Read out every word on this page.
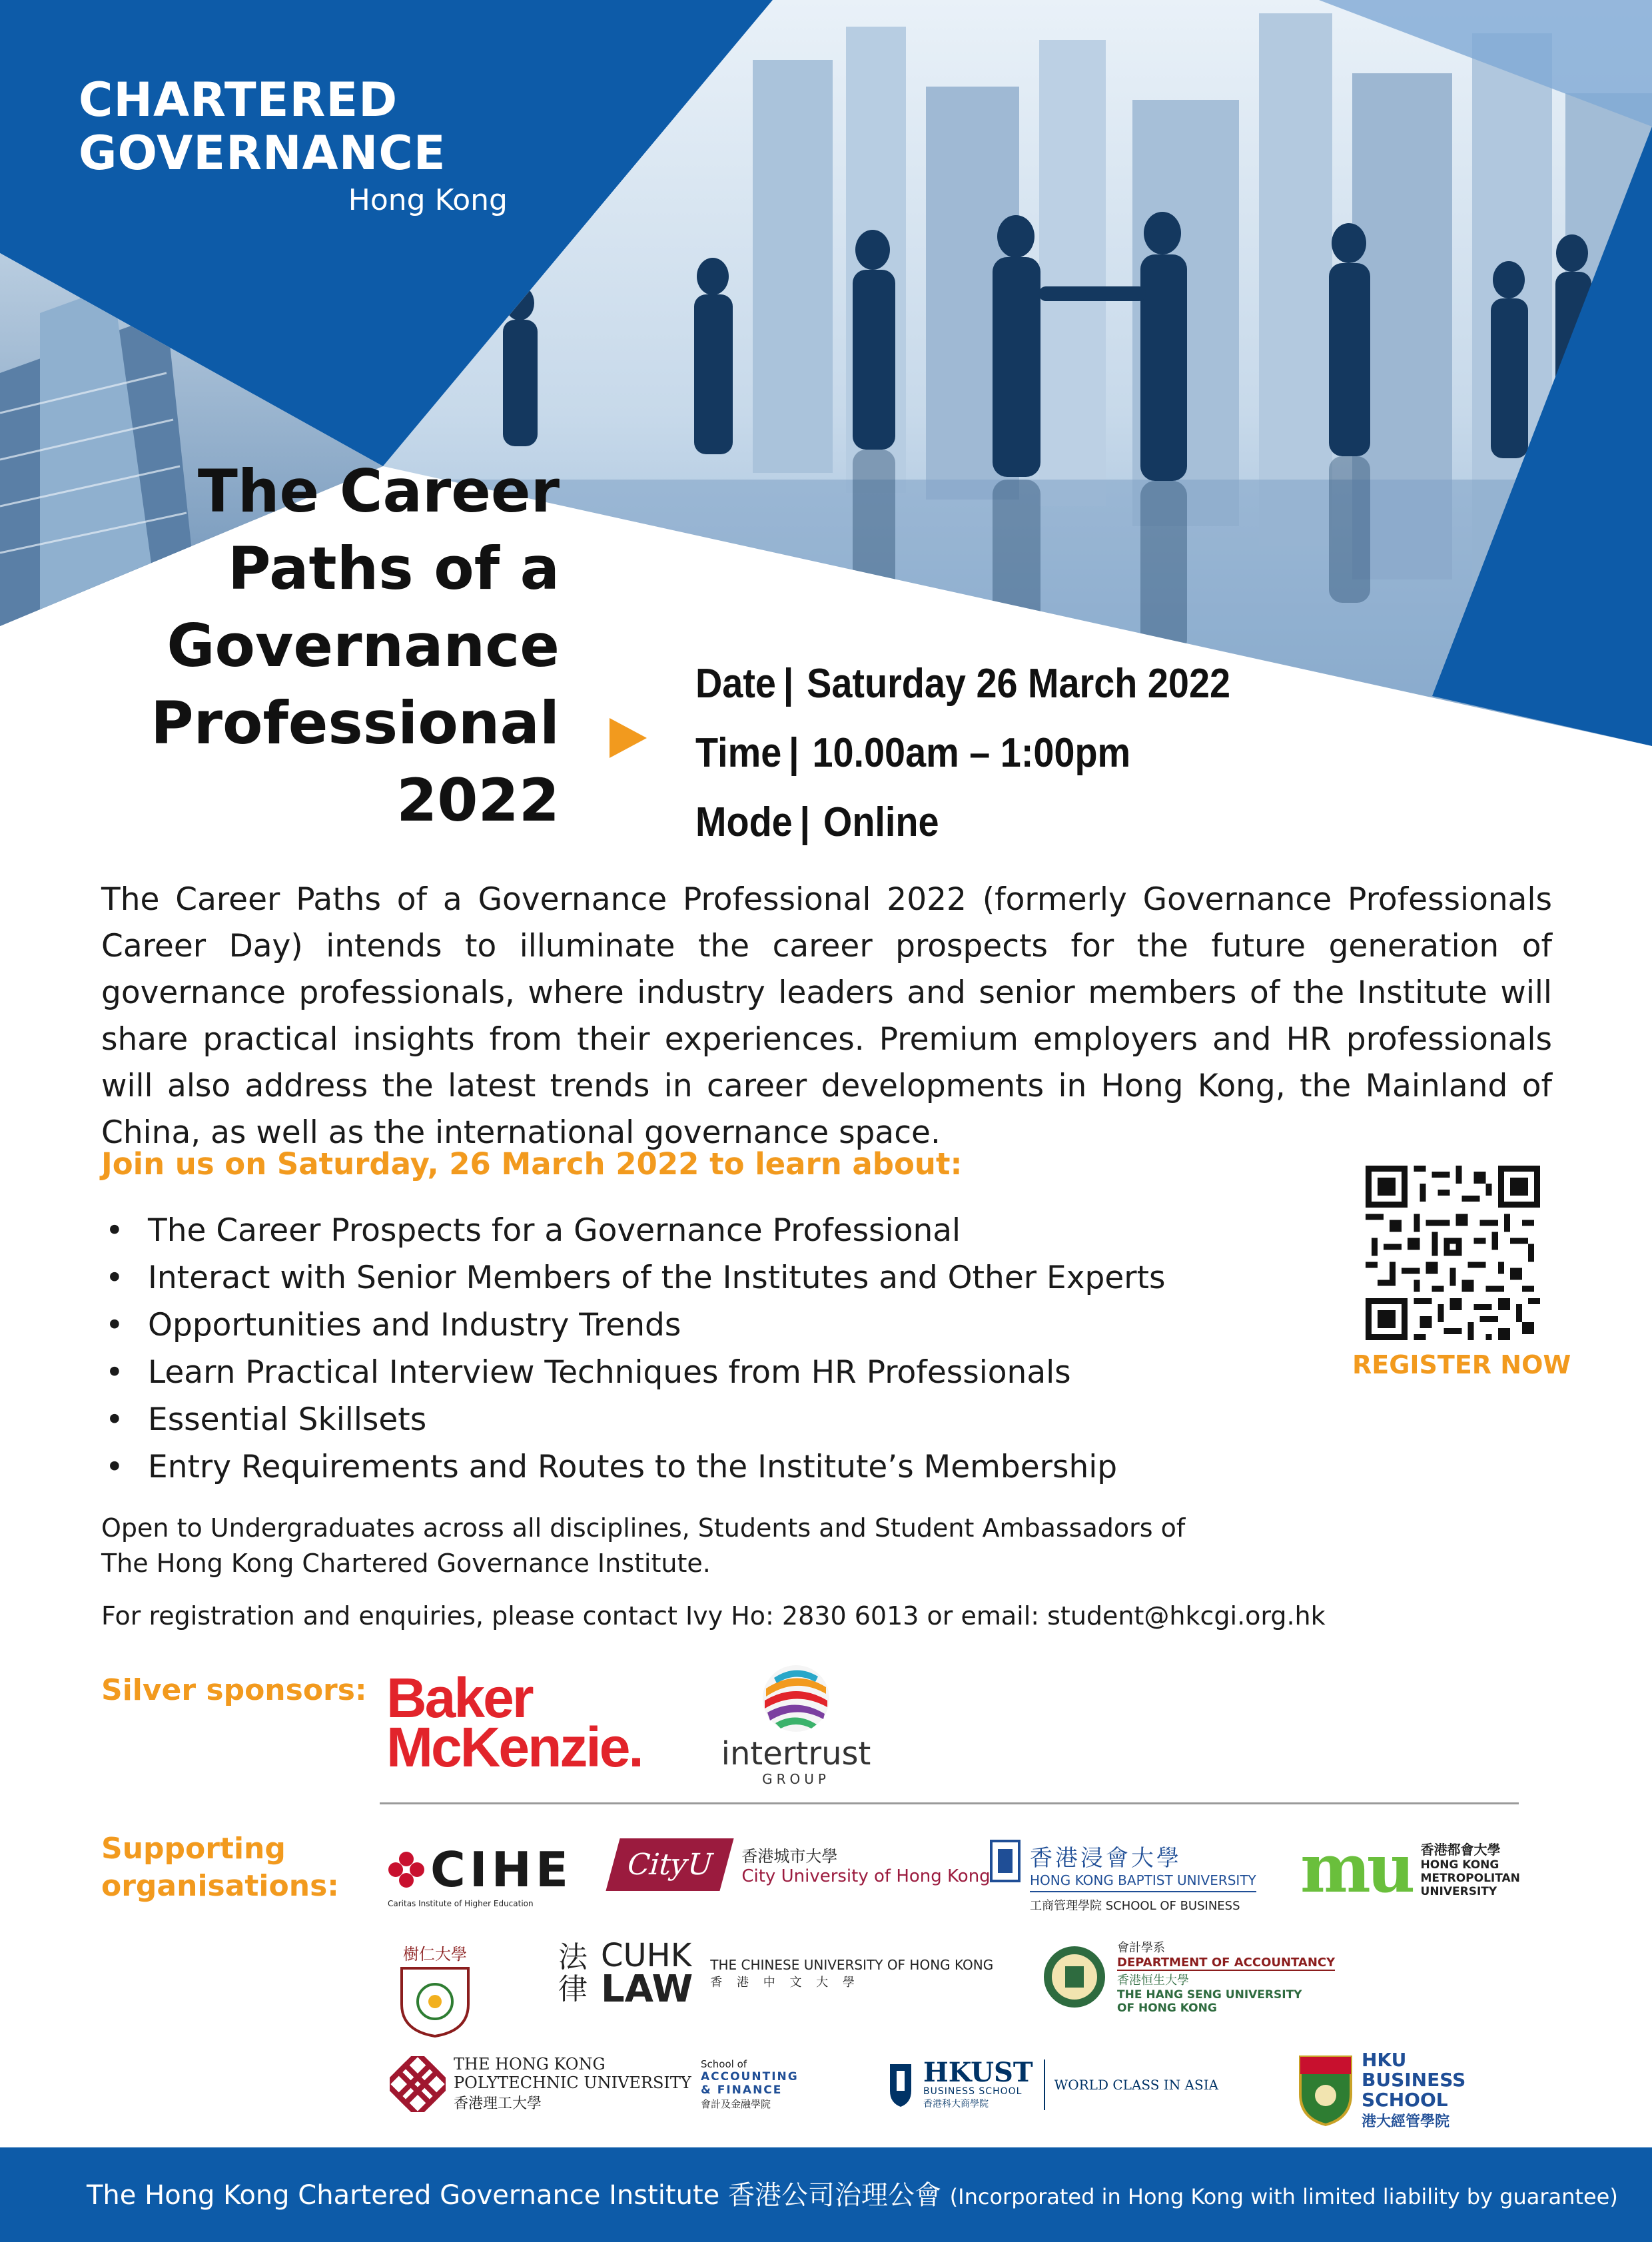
CHARTERED
GOVERNANCE
Hong Kong
The Career
Paths of a
Governance
Professional
2022
Date | Saturday 26 March 2022
Time | 10.00am – 1:00pm
Mode | Online

The Career Paths of a Governance Professional 2022 (formerly Governance Professionals Career Day) intends to illuminate the career prospects for the future generation of governance professionals, where industry leaders and senior members of the Institute will share practical insights from their experiences. Premium employers and HR professionals will also address the latest trends in career developments in Hong Kong, the Mainland of China, as well as the international governance space.

Join us on Saturday, 26 March 2022 to learn about:
• The Career Prospects for a Governance Professional
• Interact with Senior Members of the Institutes and Other Experts
• Opportunities and Industry Trends
• Learn Practical Interview Techniques from HR Professionals
• Essential Skillsets
• Entry Requirements and Routes to the Institute’s Membership
REGISTER NOW
Open to Undergraduates across all disciplines, Students and Student Ambassadors of
The Hong Kong Chartered Governance Institute.
For registration and enquiries, please contact Ivy Ho: 2830 6013 or email: student@hkcgi.org.hk
Silver sponsors: Baker
McKenzie. intertrust
GROUP
Supporting organisations:	CIHE
Caritas Institute of Higher Education
CityU	香港城市大學
City University of Hong Kong
香港浸會大學
HONG KONG BAPTIST UNIVERSITY
工商管理學院 SCHOOL OF BUSINESS mu 香港都會大學
HONG KONG
METROPOLITAN
UNIVERSITY
樹仁大學	法律
CUHK
LAW
THE CHINESE UNIVERSITY OF HONG KONG
香 港 中 文 大 學
會計學系
DEPARTMENT OF ACCOUNTANCY
香港恒生大學
THE HANG SENG UNIVERSITY
OF HONG KONG
THE HONG KONG
POLYTECHNIC UNIVERSITY
香港理工大學
School of
ACCOUNTING
& FINANCE
會計及金融學院
HKUST
BUSINESS SCHOOL
香港科大商學院
WORLD CLASS IN ASIA
HKU
BUSINESS
SCHOOL
港大經管學院
The Hong Kong Chartered Governance Institute 香港公司治理公會 (Incorporated in Hong Kong with limited liability by guarantee)
